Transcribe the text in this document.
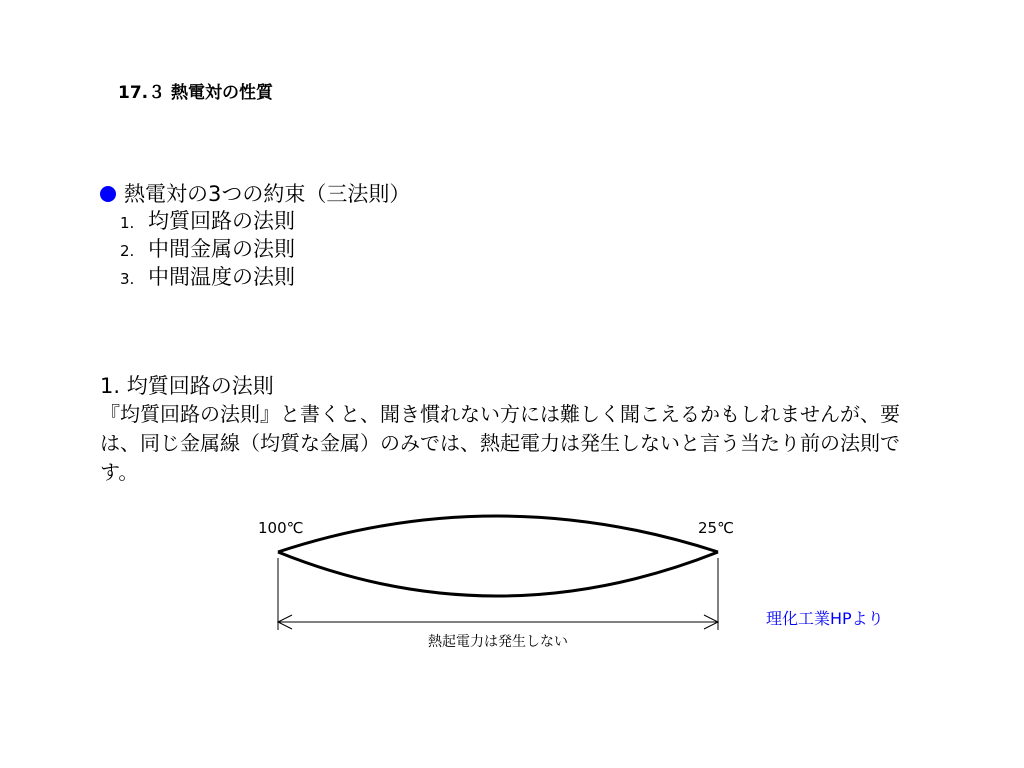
17.３ 熱電対の性質
熱電対の3つの約束（三法則）
1. 均質回路の法則
2. 中間金属の法則
3. 中間温度の法則
1. 均質回路の法則
『均質回路の法則』と書くと、聞き慣れない方には難しく聞こえるかもしれませんが、要は、同じ金属線（均質な金属）のみでは、熱起電力は発生しないと言う当たり前の法則です。
100℃	25℃
熱起電力は発生しない
理化工業HPより
